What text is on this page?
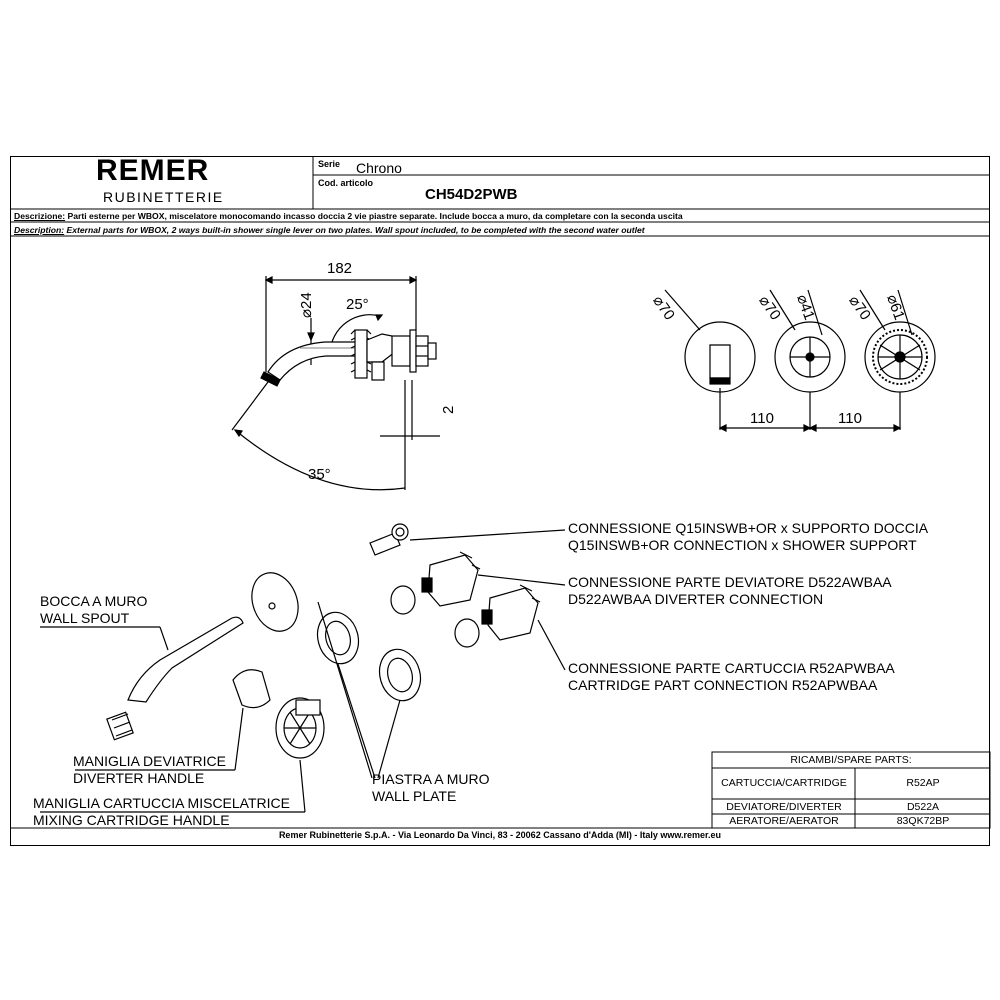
REMER
RUBINETTERIE
Serie Chrono
Cod. articolo
CH54D2PWB
Descrizione: Parti esterne per WBOX, miscelatore monocomando incasso doccia 2 vie piastre separate. Include bocca a muro, da completare con la seconda uscita
Description: External parts for WBOX, 2 ways built-in shower single lever on two plates. Wall spout included, to be completed with the second water outlet
182
⌀24 25°
35°
2
⌀70	⌀70 ⌀41 ⌀70 ⌀61
110	110
CONNESSIONE Q15INSWB+OR x SUPPORTO DOCCIA
Q15INSWB+OR CONNECTION x SHOWER SUPPORT
CONNESSIONE PARTE DEVIATORE D522AWBAA
D522AWBAA DIVERTER CONNECTION
CONNESSIONE PARTE CARTUCCIA R52APWBAA
CARTRIDGE PART CONNECTION R52APWBAA
BOCCA A MURO
WALL SPOUT
MANIGLIA DEVIATRICE
DIVERTER HANDLE
MANIGLIA CARTUCCIA MISCELATRICE
MIXING CARTRIDGE HANDLE
PIASTRA A MURO
WALL PLATE
RICAMBI/SPARE PARTS:
CARTUCCIA/CARTRIDGE	R52AP
DEVIATORE/DIVERTER	D522A
AERATORE/AERATOR	83QK72BP
Remer Rubinetterie S.p.A. - Via Leonardo Da Vinci, 83 - 20062 Cassano d'Adda (MI) - Italy www.remer.eu
